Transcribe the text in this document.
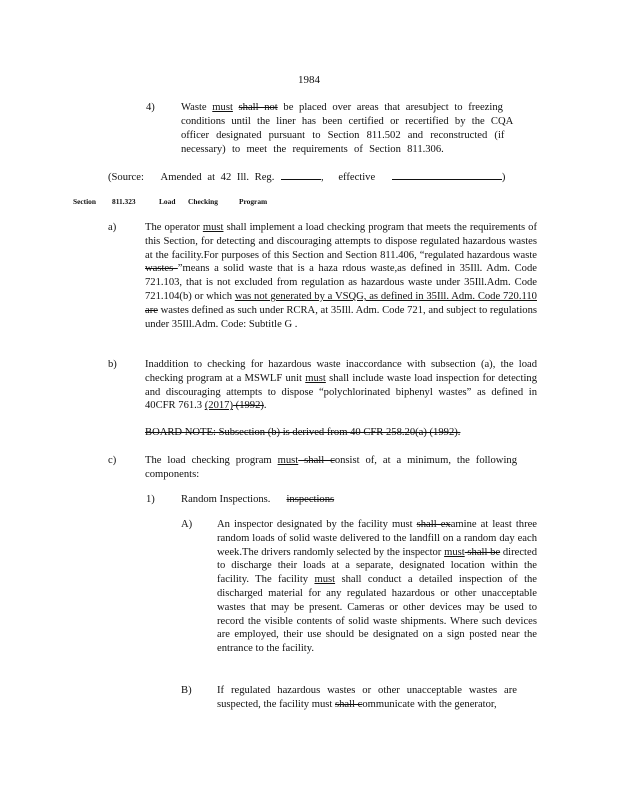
1984
4) Waste must shall not be placed over areas that aresubject to freezing
conditions until the liner has been certified or recertified by the CQA
officer designated pursuant to Section 811.502 and reconstructed (if
necessary) to meet the requirements of Section 811.306.
(Source: Amended at 42 Ill. Reg.	, effective	)
Section 811.323	Load Checking	Program
a)	The operator must shall implement a load checking program that meets the requirements of this Section, for detecting and discouraging attempts to dispose regulated hazardous wastes at the facility.For purposes of this Section and Section 811.406, “regulated hazardous waste wastes ”means a solid waste that is a haza rdous waste,as defined in 35Ill. Adm. Code 721.103, that is not excluded from regulation as hazardous waste under 35Ill.Adm. Code 721.104(b) or which was not generated by a VSQG, as defined in 35Ill. Adm. Code 720.110 are wastes defined as such under RCRA, at 35Ill. Adm. Code 721, and subject to regulations under 35Ill.Adm. Code: Subtitle G .

b)	Inaddition to checking for hazardous waste inaccordance with subsection (a), the load checking program at a MSWLF unit must shall include waste load inspection for detecting and discouraging attempts to dispose “polychlorinated biphenyl wastes” as defined in 40CFR 761.3 (2017) (1992).

BOARD NOTE: Subsection (b) is derived from 40 CFR 258.20(a) (1992).

c)	The load checking program must shall consist of, at a minimum, the following components:

1) Random Inspections. inspections
A) An inspector designated by the facility must shall examine at least three random loads of solid waste delivered to the landfill on a random day each week.The drivers randomly selected by the inspector must shall be directed to discharge their loads at a separate, designated location within the facility. The facility must shall conduct a detailed inspection of the discharged material for any regulated hazardous or other unacceptable wastes that may be present. Cameras or other devices may be used to record the visible contents of solid waste shipments. Where such devices are employed, their use should be designated on a sign posted near the entrance to the facility.

B) If regulated hazardous wastes or other unacceptable wastes are suspected, the facility must shall communicate with the generator,
